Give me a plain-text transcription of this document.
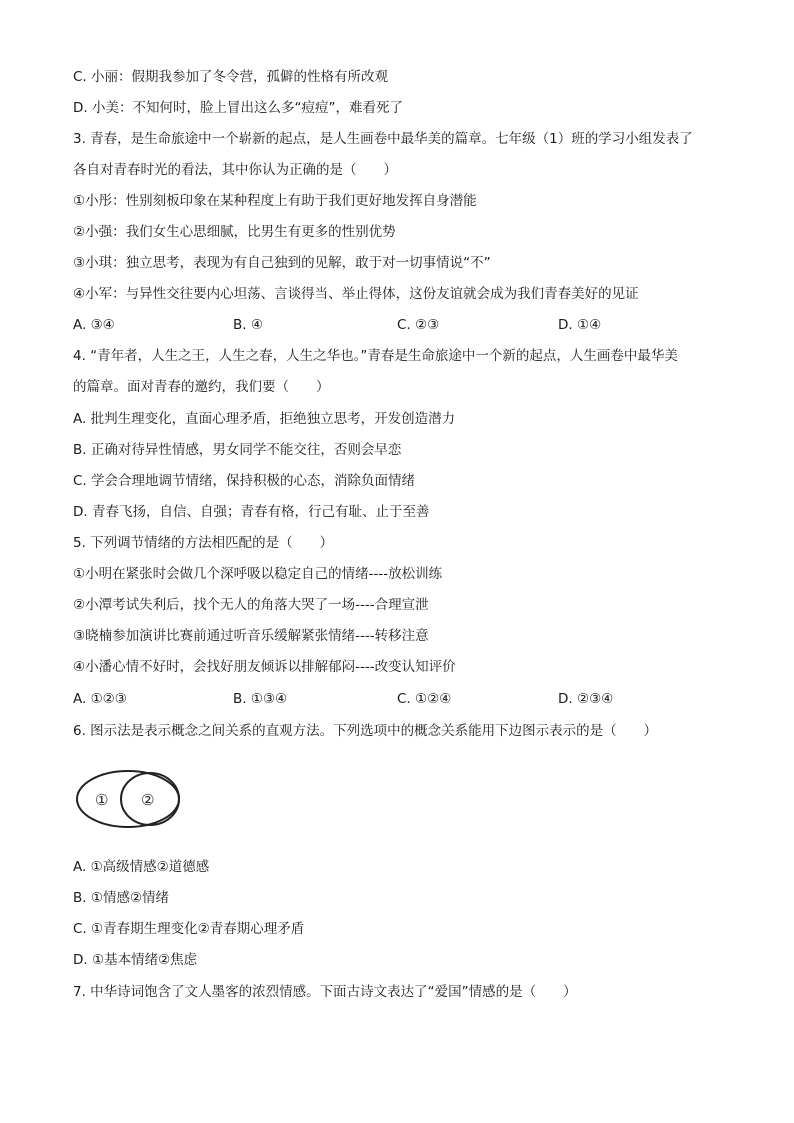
C. 小丽：假期我参加了冬令营，孤僻的性格有所改观
D. 小美：不知何时，脸上冒出这么多“痘痘”，难看死了
3. 青春，是生命旅途中一个崭新的起点，是人生画卷中最华美的篇章。七年级（1）班的学习小组发表了
各自对青春时光的看法，其中你认为正确的是（　　）
①小彤：性别刻板印象在某种程度上有助于我们更好地发挥自身潜能
②小强：我们女生心思细腻，比男生有更多的性别优势
③小琪：独立思考，表现为有自己独到的见解，敢于对一切事情说“不”
④小军：与异性交往要内心坦荡、言谈得当、举止得体，这份友谊就会成为我们青春美好的见证
A. ③④	B. ④	C. ②③	D. ①④
4. “青年者，人生之王，人生之春，人生之华也。”青春是生命旅途中一个新的起点，人生画卷中最华美
的篇章。面对青春的邀约，我们要（　　）
A. 批判生理变化，直面心理矛盾，拒绝独立思考，开发创造潜力
B. 正确对待异性情感，男女同学不能交往，否则会早恋
C. 学会合理地调节情绪，保持积极的心态，消除负面情绪
D. 青春飞扬，自信、自强；青春有格，行己有耻、止于至善
5. 下列调节情绪的方法相匹配的是（　　）
①小明在紧张时会做几个深呼吸以稳定自己的情绪----放松训练
②小潭考试失利后，找个无人的角落大哭了一场----合理宣泄
③晓楠参加演讲比赛前通过听音乐缓解紧张情绪----转移注意
④小潘心情不好时，会找好朋友倾诉以排解郁闷----改变认知评价
A. ①②③	B. ①③④	C. ①②④	D. ②③④
6. 图示法是表示概念之间关系的直观方法。下列选项中的概念关系能用下边图示表示的是（　　）
① ②
A. ①高级情感②道德感
B. ①情感②情绪
C. ①青春期生理变化②青春期心理矛盾
D. ①基本情绪②焦虑
7. 中华诗词饱含了文人墨客的浓烈情感。下面古诗文表达了“爱国”情感的是（　　）
